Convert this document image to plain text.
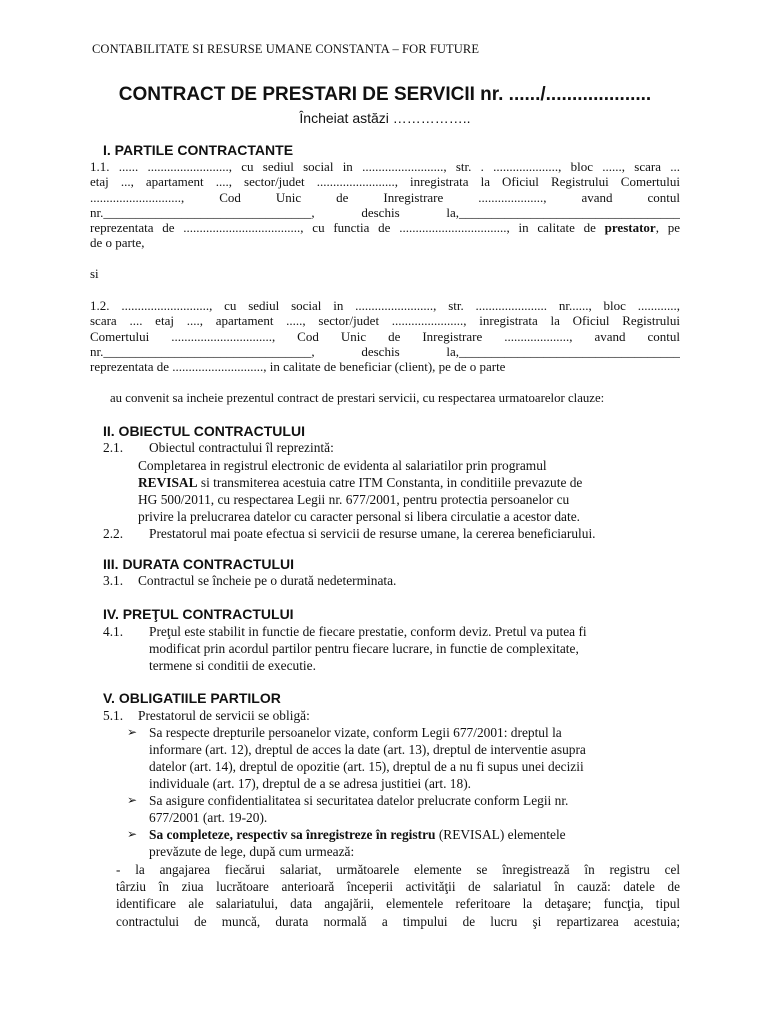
CONTABILITATE SI RESURSE UMANE CONSTANTA – FOR FUTURE
CONTRACT DE PRESTARI DE SERVICII nr. ....../....................
Încheiat astăzi ……………..
I. PARTILE CONTRACTANTE
1.1. ...... ........................., cu sediul social in ........................., str. . ...................., bloc ......, scara ...
etaj ..., apartament ...., sector/judet ........................, inregistrata la Oficiul Registrului Comertului
............................, Cod Unic de Inregistrare ...................., avand contul
nr.________________________________, deschis la,__________________________________
reprezentata de ...................................., cu functia de ................................., in calitate de prestator, pe
de o parte,
si
1.2. ..........................., cu sediul social in ........................, str. ...................... nr......, bloc ............,
scara .... etaj ...., apartament ....., sector/judet ......................, inregistrata la Oficiul Registrului
Comertului ..............................., Cod Unic de Inregistrare ...................., avand contul
nr.________________________________, deschis la,__________________________________
reprezentata de ............................, in calitate de beneficiar (client), pe de o parte
au convenit sa incheie prezentul contract de prestari servicii, cu respectarea urmatoarelor clauze:
II. OBIECTUL CONTRACTULUI
2.1. Obiectul contractului îl reprezintă:
Completarea in registrul electronic de evidenta al salariatilor prin programul
REVISAL si transmiterea acestuia catre ITM Constanta, in conditiile prevazute de
HG 500/2011, cu respectarea Legii nr. 677/2001, pentru protectia persoanelor cu
privire la prelucrarea datelor cu caracter personal si libera circulatie a acestor date.
2.2. Prestatorul mai poate efectua si servicii de resurse umane, la cererea beneficiarului.
III. DURATA CONTRACTULUI
3.1. Contractul se încheie pe o durată nedeterminata.
IV. PREŢUL CONTRACTULUI
4.1. Preţul este stabilit in functie de fiecare prestatie, conform deviz. Pretul va putea fi
modificat prin acordul partilor pentru fiecare lucrare, in functie de complexitate,
termene si conditii de executie.
V. OBLIGATIILE PARTILOR
5.1. Prestatorul de servicii se obligă:
➢ Sa respecte drepturile persoanelor vizate, conform Legii 677/2001: dreptul la
informare (art. 12), dreptul de acces la date (art. 13), dreptul de interventie asupra
datelor (art. 14), dreptul de opozitie (art. 15), dreptul de a nu fi supus unei decizii
individuale (art. 17), dreptul de a se adresa justitiei (art. 18).
➢ Sa asigure confidentialitatea si securitatea datelor prelucrate conform Legii nr.
677/2001 (art. 19-20).
➢ Sa completeze, respectiv sa înregistreze în registru (REVISAL) elementele
prevăzute de lege, după cum urmează:
- la angajarea fiecărui salariat, următoarele elemente se înregistrează în registru cel
târziu în ziua lucrătoare anterioară începerii activităţii de salariatul în cauză: datele de
identificare ale salariatului, data angajării, elementele referitoare la detaşare; funcţia, tipul
contractului de muncă, durata normală a timpului de lucru şi repartizarea acestuia;
